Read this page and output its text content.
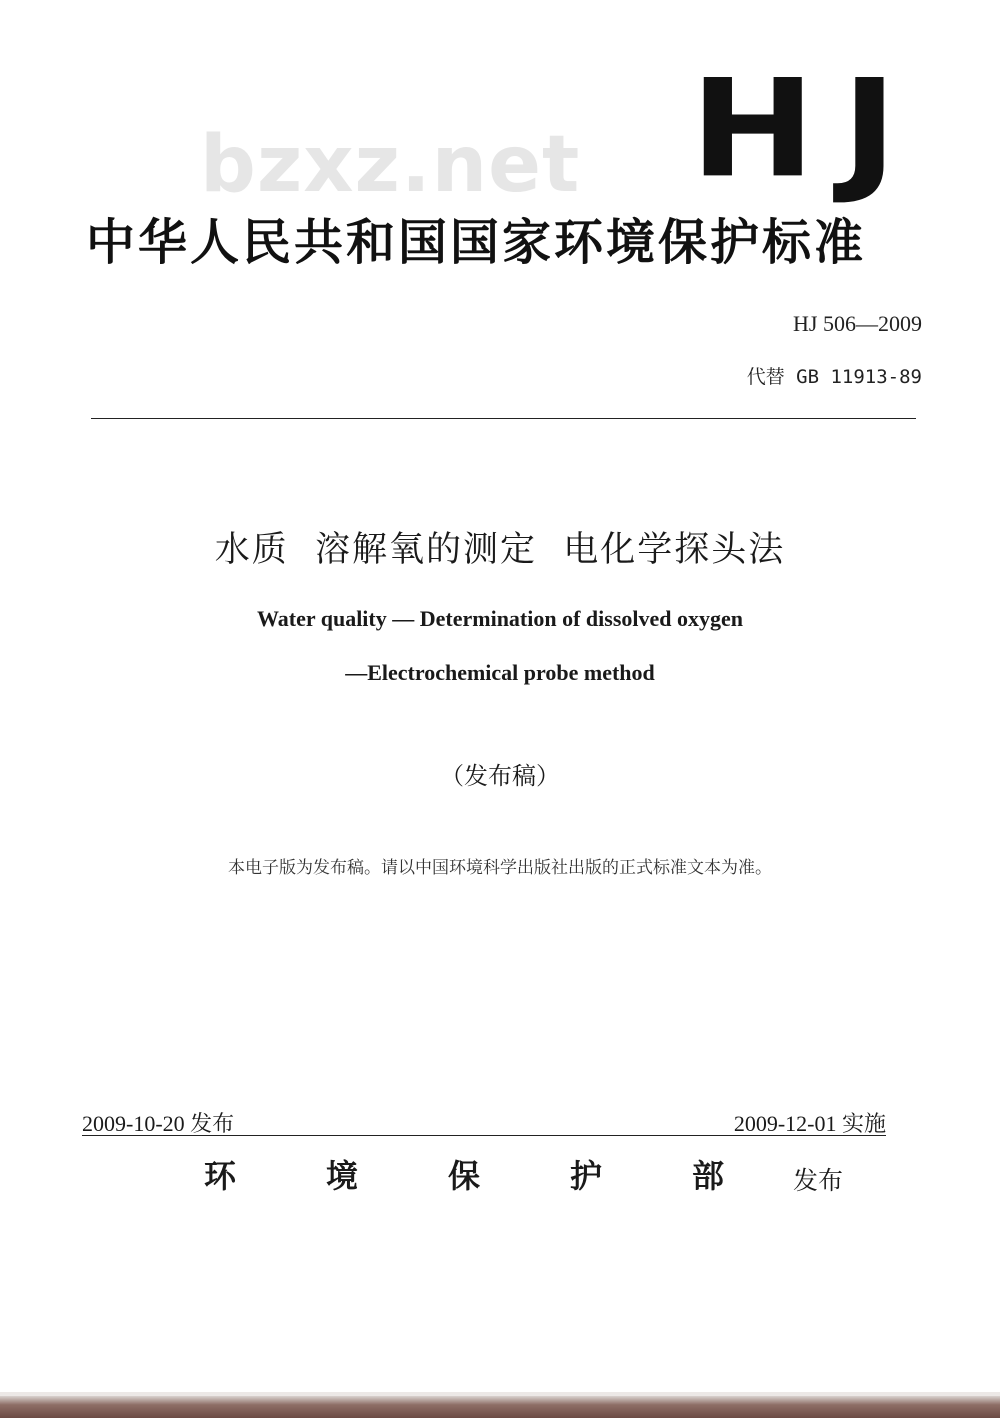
bzxz.net HJ
中华人民共和国国家环境保护标准
HJ 506—2009
代替 GB 11913-89
水质  溶解氧的测定  电化学探头法
Water quality — Determination of dissolved oxygen
—Electrochemical probe method
（发布稿）
本电子版为发布稿。请以中国环境科学出版社出版的正式标准文本为准。
2009-10-20 发布	2009-12-01 实施
环	境	保	护	部	发布
